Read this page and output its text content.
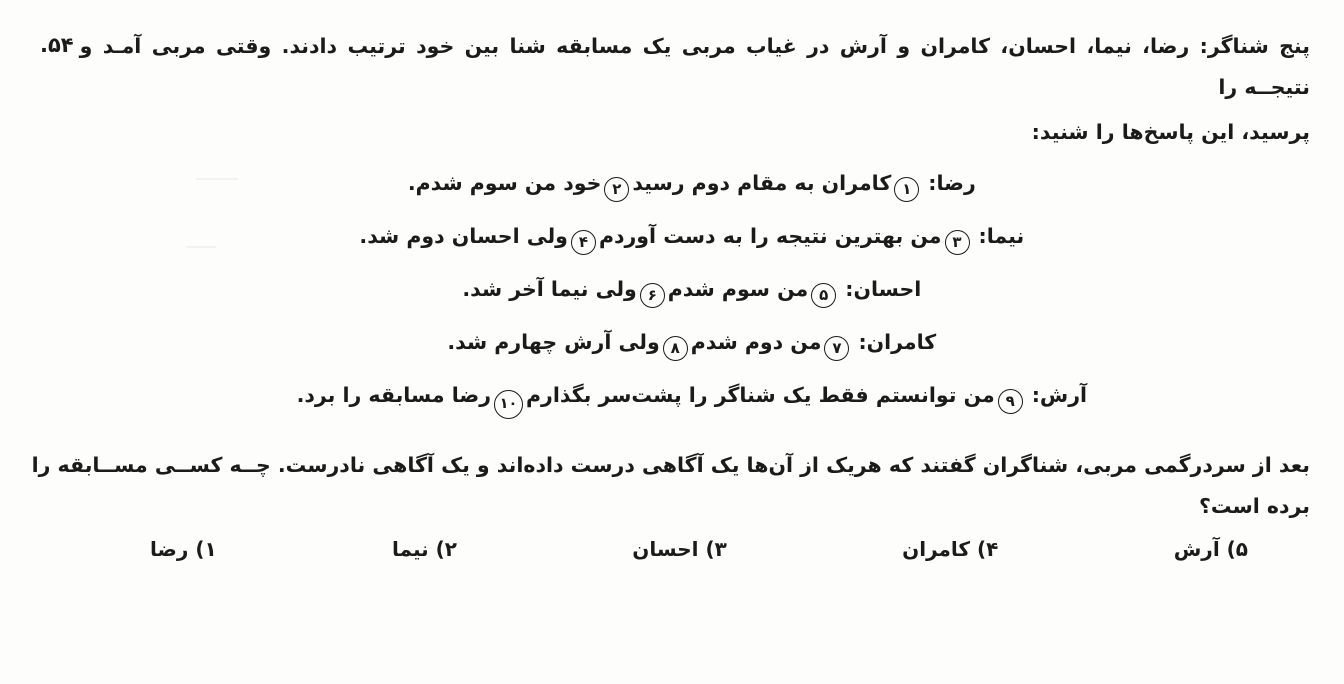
۵۴. پنج شناگر: رضا، نیما، احسان، کامران و آرش در غیاب مربی یک مسابقه شنا بین خود ترتیب دادند. وقتی مربی آمـد و نتیجــه را

پرسید، این پاسخ‌ها را شنید:

رضا:۱کامران به مقام دوم رسید۲خود من سوم شدم.

نیما:۳من بهترین نتیجه را به دست آوردم۴ولی احسان دوم شد.

احسان:۵من سوم شدم۶ولی نیما آخر شد.

کامران:۷من دوم شدم۸ولی آرش چهارم شد.

آرش:۹من توانستم فقط یک شناگر را پشت‌سر بگذارم۱۰رضا مسابقه را برد.

بعد از سردرگمی مربی، شناگران گفتند که هریک از آن‌ها یک آگاهی درست داده‌اند و یک آگاهی نادرست. چــه کســی مســابقه را

برده است؟

۱) رضا	۲) نیما	۳) احسان	۴) کامران	۵) آرش
